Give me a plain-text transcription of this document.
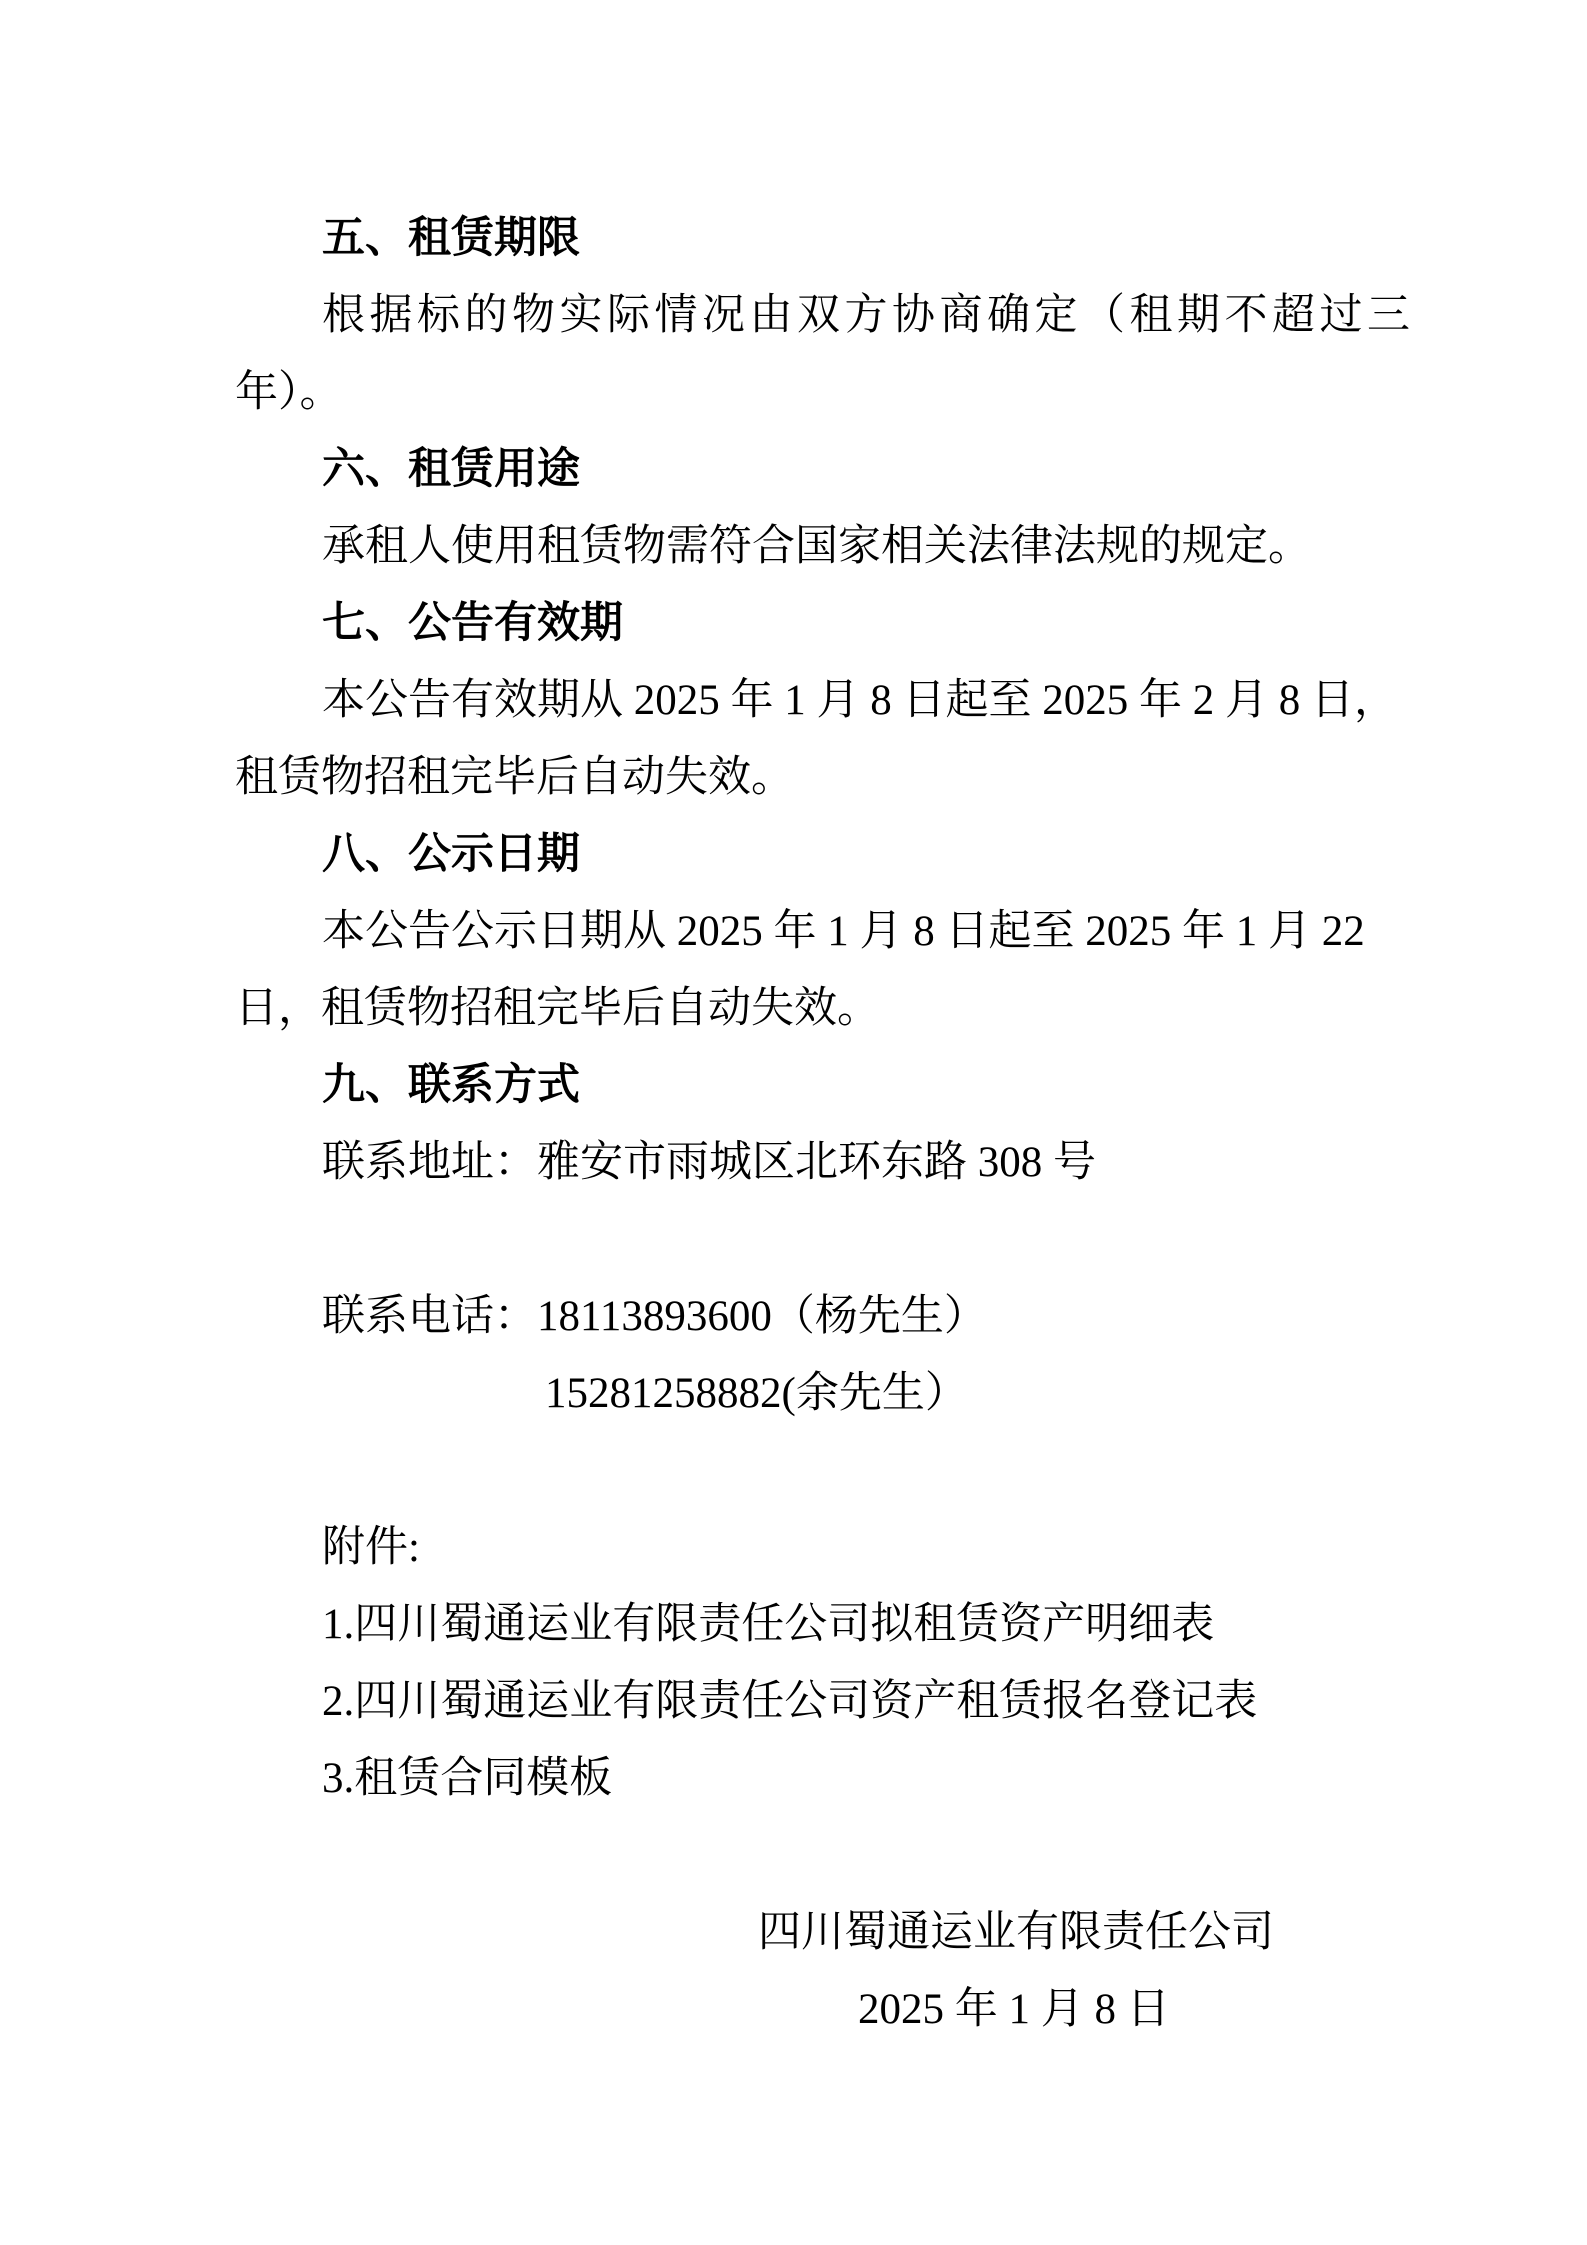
五、租赁期限
根据标的物实际情况由双方协商确定（租期不超过三
年）。
六、租赁用途
承租人使用租赁物需符合国家相关法律法规的规定。
七、公告有效期
本公告有效期从 2025 年 1 月 8 日起至 2025 年 2 月 8 日，
租赁物招租完毕后自动失效。
八、公示日期
本公告公示日期从 2025 年 1 月 8 日起至 2025 年 1 月 22
日，租赁物招租完毕后自动失效。
九、联系方式
联系地址：雅安市雨城区北环东路 308 号
联系电话：18113893600（杨先生）
15281258882(余先生）
附件:
1.四川蜀通运业有限责任公司拟租赁资产明细表
2.四川蜀通运业有限责任公司资产租赁报名登记表
3.租赁合同模板
四川蜀通运业有限责任公司
2025 年 1 月 8 日
